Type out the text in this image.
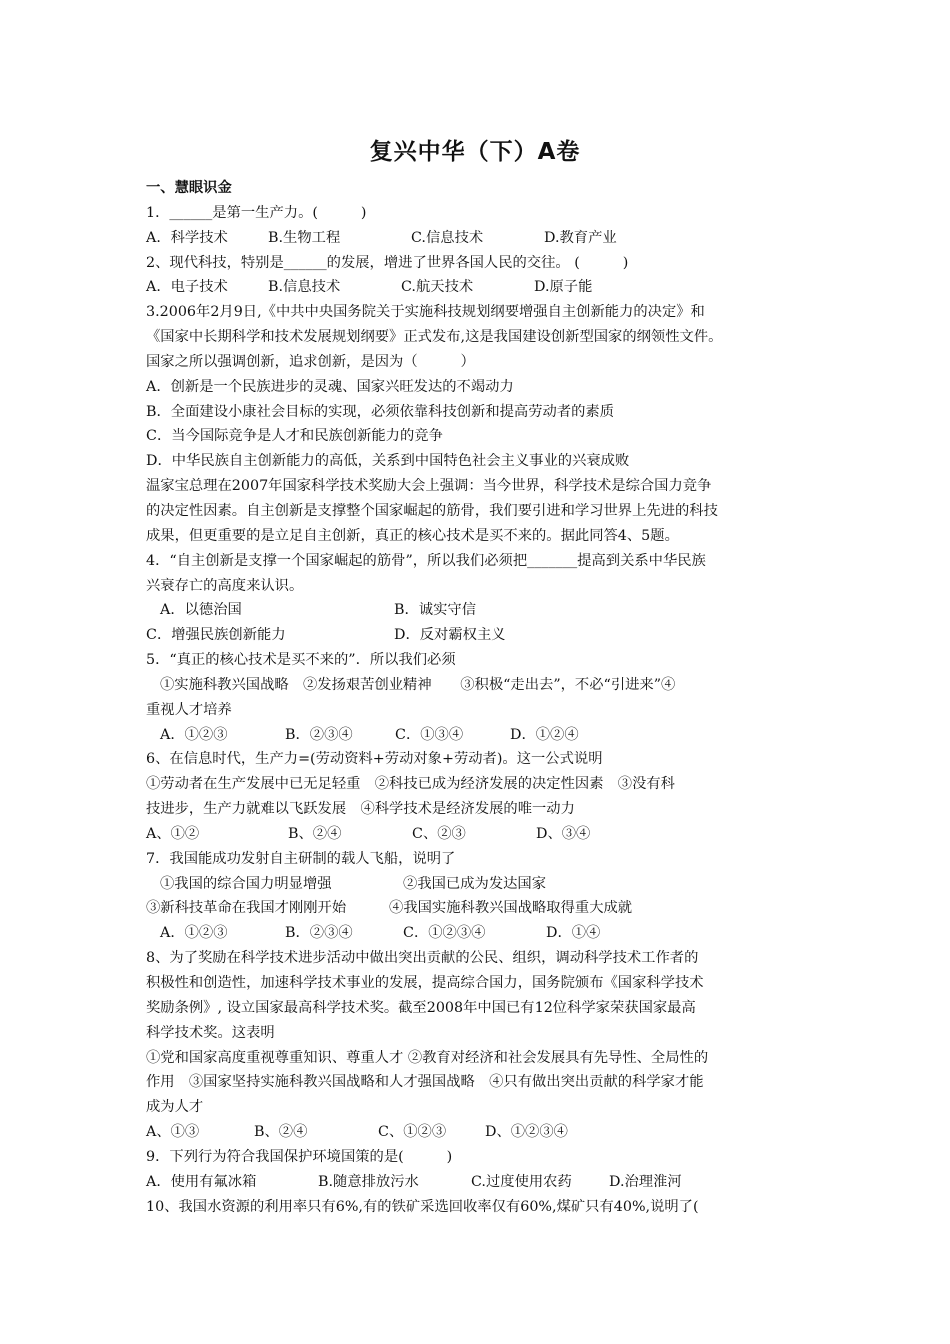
复兴中华（下）A卷
一、慧眼识金
1．______是第一生产力。(　　　)
A．科学技术	B.生物工程	C.信息技术	D.教育产业
2、现代科技，特别是______的发展，增进了世界各国人民的交往。 (　　　)
A．电子技术	B.信息技术	C.航天技术	D.原子能
3.2006年2月9日,《中共中央国务院关于实施科技规划纲要增强自主创新能力的决定》和
《国家中长期科学和技术发展规划纲要》正式发布,这是我国建设创新型国家的纲领性文件。
国家之所以强调创新，追求创新，是因为（　　　）
A．创新是一个民族进步的灵魂、国家兴旺发达的不竭动力
B．全面建设小康社会目标的实现，必须依靠科技创新和提高劳动者的素质
C．当今国际竞争是人才和民族创新能力的竞争
D．中华民族自主创新能力的高低，关系到中国特色社会主义事业的兴衰成败
温家宝总理在2007年国家科学技术奖励大会上强调：当今世界，科学技术是综合国力竞争
的决定性因素。自主创新是支撑整个国家崛起的筋骨，我们要引进和学习世界上先进的科技
成果，但更重要的是立足自主创新，真正的核心技术是买不来的。据此同答4、5题。
4．“自主创新是支撑一个国家崛起的筋骨”，所以我们必须把_______提高到关系中华民族
兴衰存亡的高度来认识。
A．以德治国	B．诚实守信
C．增强民族创新能力	D．反对霸权主义
5．“真正的核心技术是买不来的”．所以我们必须
①实施科教兴国战略　②发扬艰苦创业精神　　③积极“走出去”，不必“引进来”④
重视人才培养
A．①②③	B．②③④	C．①③④	D．①②④
6、在信息时代，生产力=(劳动资料+劳动对象+劳动者)。这一公式说明
①劳动者在生产发展中已无足轻重　②科技已成为经济发展的决定性因素　③没有科
技进步，生产力就难以飞跃发展　④科学技术是经济发展的唯一动力
A、①②	B、②④	C、②③	D、③④
7．我国能成功发射自主研制的载人飞船，说明了
①我国的综合国力明显增强　　　　　②我国已成为发达国家
③新科技革命在我国才刚刚开始　　　④我国实施科教兴国战略取得重大成就
A．①②③	B．②③④	C．①②③④	D．①④
8、为了奖励在科学技术进步活动中做出突出贡献的公民、组织，调动科学技术工作者的
积极性和创造性，加速科学技术事业的发展，提高综合国力，国务院颁布《国家科学技术
奖励条例》, 设立国家最高科学技术奖。截至2008年中国已有12位科学家荣获国家最高
科学技术奖。这表明
①党和国家高度重视尊重知识、尊重人才 ②教育对经济和社会发展具有先导性、全局性的
作用　③国家坚持实施科教兴国战略和人才强国战略　④只有做出突出贡献的科学家才能
成为人才
A、①③	B、②④	C、①②③	D、①②③④
9．下列行为符合我国保护环境国策的是(　　　)
A．使用有氟冰箱	B.随意排放污水	C.过度使用农药	D.治理淮河
10、我国水资源的利用率只有6%,有的铁矿采选回收率仅有60%,煤矿只有40%,说明了(
